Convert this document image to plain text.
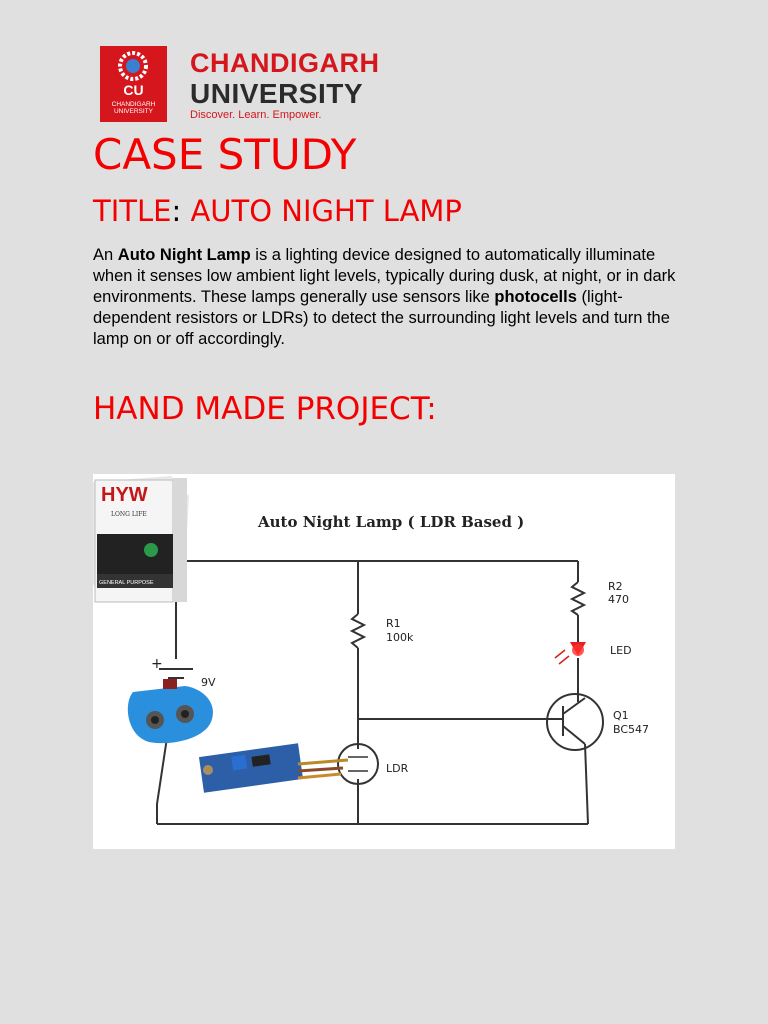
CU
CHANDIGARH
UNIVERSITY
CHANDIGARH
UNIVERSITY
Discover. Learn. Empower.
CASE STUDY
TITLE: AUTO NIGHT LAMP

An Auto Night Lamp is a lighting device designed to automatically illuminate when it senses low ambient light levels, typically during dusk, at night, or in dark environments. These lamps generally use sensors like photocells (light-dependent resistors or LDRs) to detect the surrounding light levels and turn the lamp on or off accordingly.

HAND MADE PROJECT:
HYW
LONG LIFE
GENERAL PURPOSE
Auto Night Lamp ( LDR Based )
R1
100k
R2
470
LED
Q1
BC547
LDR
9V
+
